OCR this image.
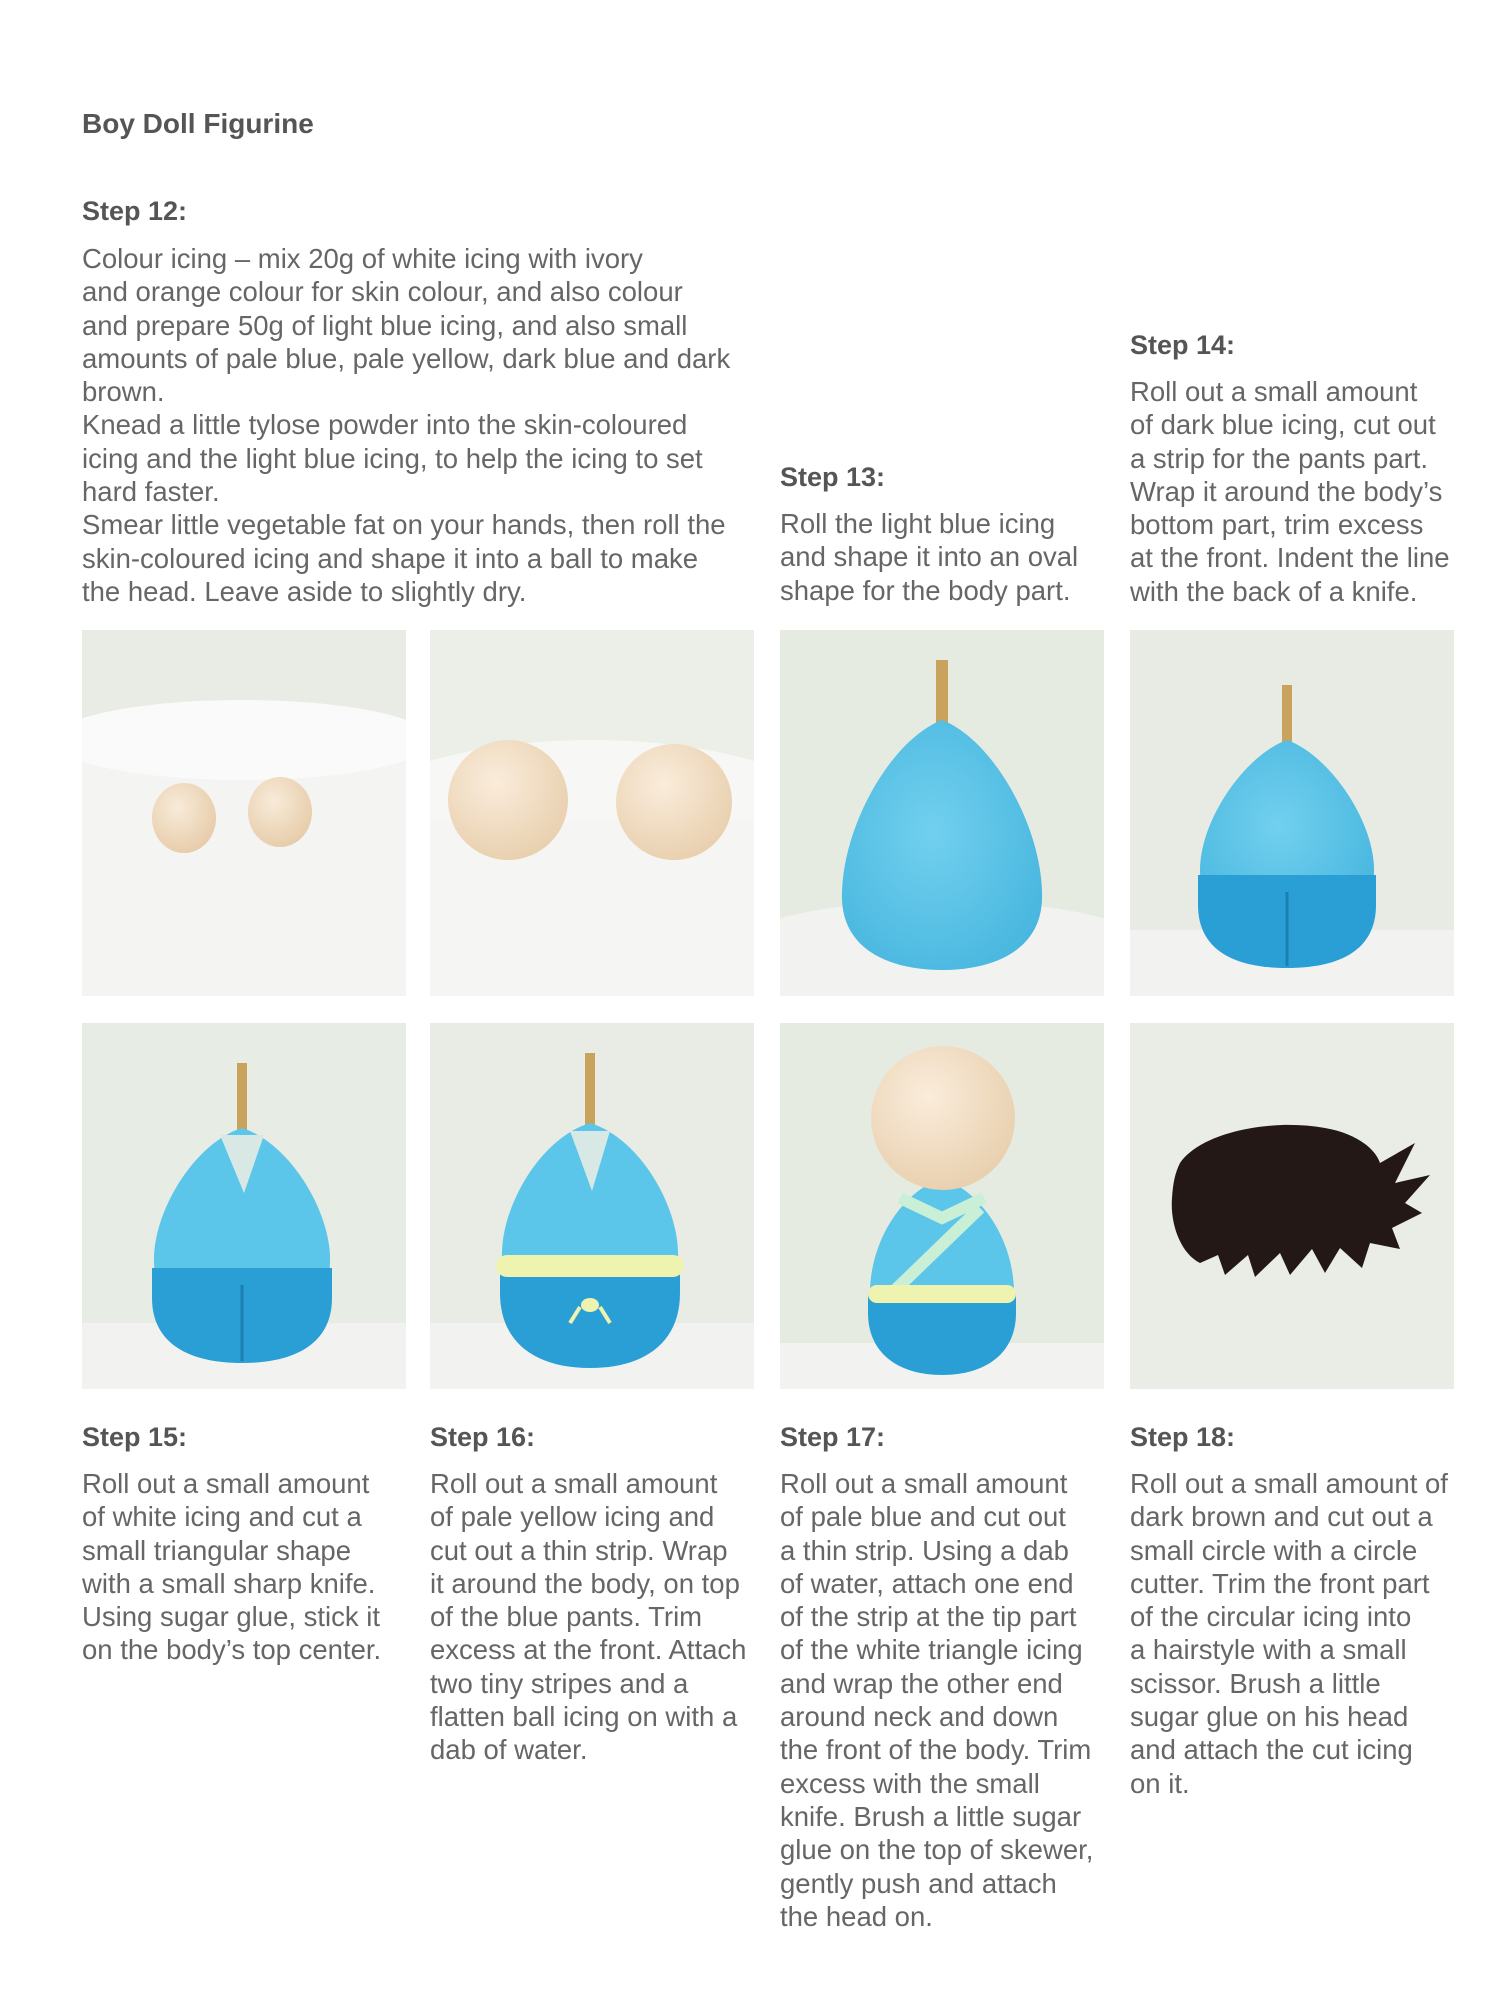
Boy Doll Figurine
Step 12:

Colour icing – mix 20g of white icing with ivory
and orange colour for skin colour, and also colour
and prepare 50g of light blue icing, and also small
amounts of pale blue, pale yellow, dark blue and dark
brown.
Knead a little tylose powder into the skin-coloured
icing and the light blue icing, to help the icing to set
hard faster.
Smear little vegetable fat on your hands, then roll the
skin-coloured icing and shape it into a ball to make
the head. Leave aside to slightly dry.

Step 13:

Roll the light blue icing
and shape it into an oval
shape for the body part.

Step 14:

Roll out a small amount
of dark blue icing, cut out
a strip for the pants part.
Wrap it around the body’s
bottom part, trim excess
at the front. Indent the line
with the back of a knife.

Step 15:

Roll out a small amount
of white icing and cut a
small triangular shape
with a small sharp knife.
Using sugar glue, stick it
on the body’s top center.

Step 16:

Roll out a small amount
of pale yellow icing and
cut out a thin strip. Wrap
it around the body, on top
of the blue pants. Trim
excess at the front. Attach
two tiny stripes and a
flatten ball icing on with a
dab of water.

Step 17:

Roll out a small amount
of pale blue and cut out
a thin strip. Using a dab
of water, attach one end
of the strip at the tip part
of the white triangle icing
and wrap the other end
around neck and down
the front of the body. Trim
excess with the small
knife. Brush a little sugar
glue on the top of skewer,
gently push and attach
the head on.

Step 18:

Roll out a small amount of
dark brown and cut out a
small circle with a circle
cutter. Trim the front part
of the circular icing into
a hairstyle with a small
scissor. Brush a little
sugar glue on his head
and attach the cut icing
on it.
